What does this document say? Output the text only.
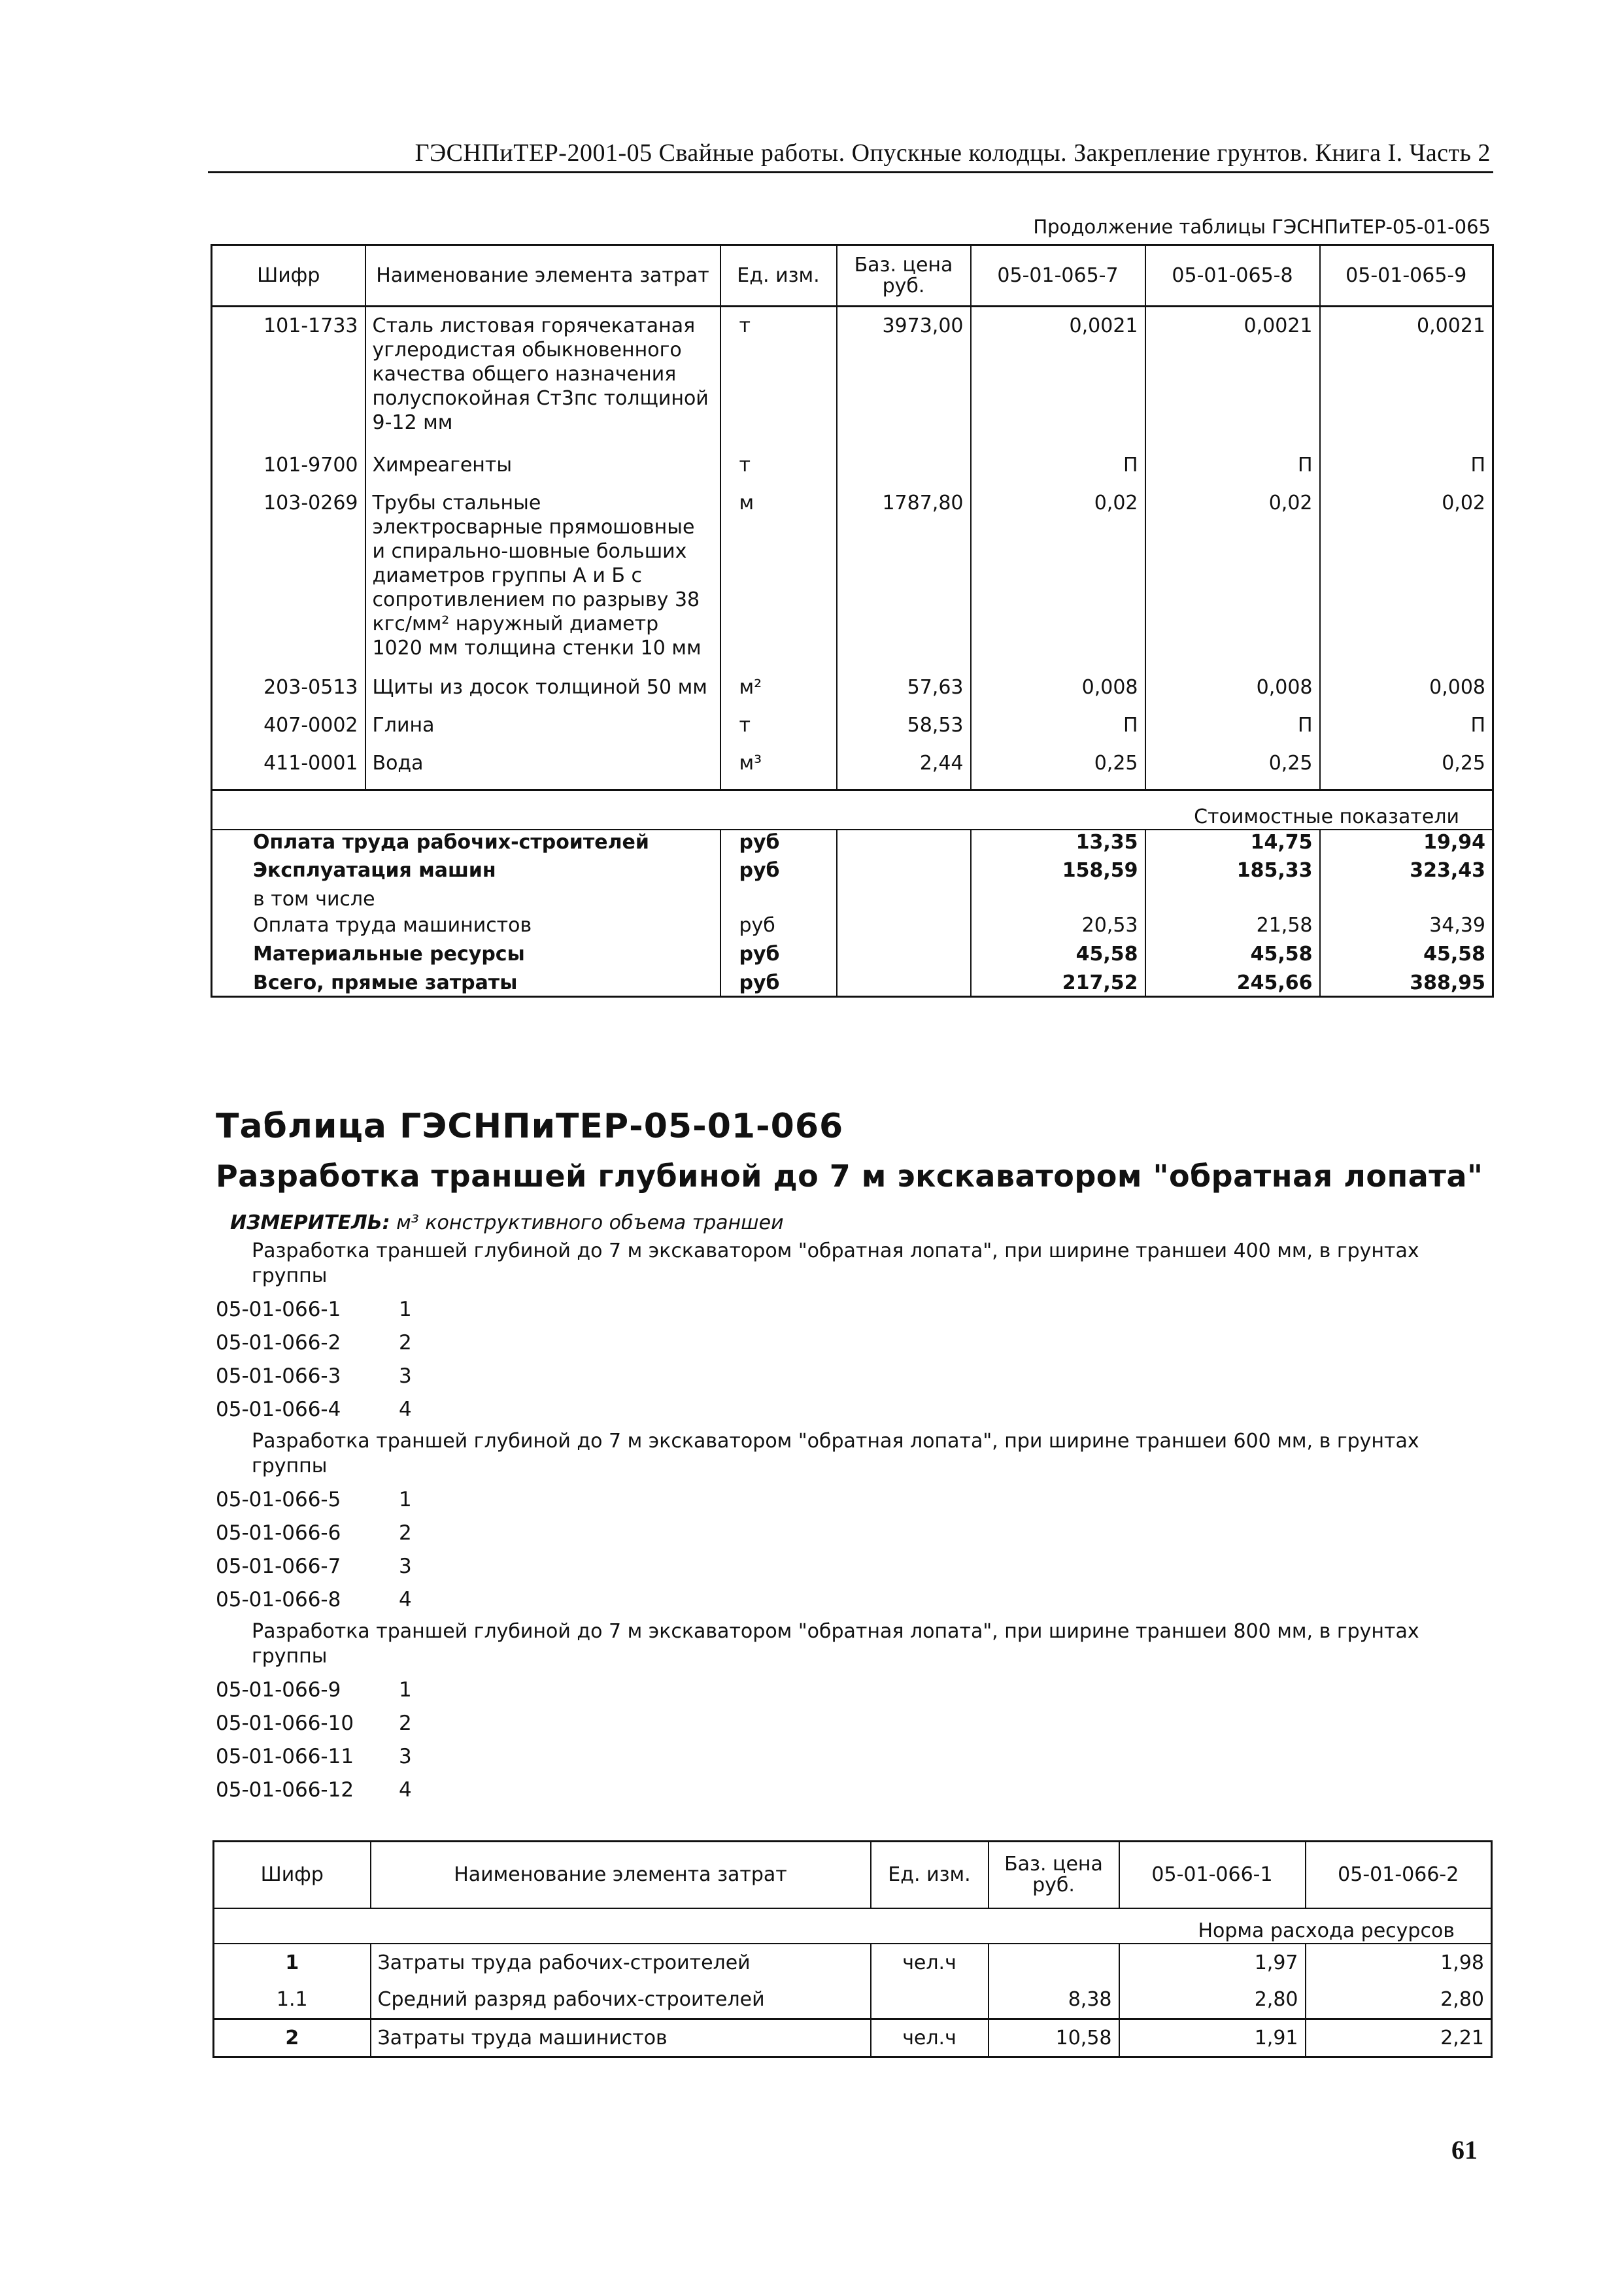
ГЭСНПиТЕР-2001-05 Свайные работы. Опускные колодцы. Закрепление грунтов. Книга I. Часть 2
Продолжение таблицы ГЭСНПиТЕР-05-01-065
Шифр	Наименование элемента затрат	Ед. изм.	Баз. цена руб.	05-01-065-7	05-01-065-8	05-01-065-9
101-1733	Сталь листовая горячекатаная углеродистая обыкновенного качества общего назначения полуспокойная Ст3пс толщиной 9-12 мм	т	3973,00	0,0021	0,0021	0,0021
101-9700	Химреагенты	т		П	П	П
103-0269	Трубы стальные электросварные прямошовные и спирально-шовные больших диаметров группы А и Б с сопротивлением по разрыву 38 кгс/мм² наружный диаметр 1020 мм толщина стенки 10 мм	м	1787,80	0,02	0,02	0,02
203-0513	Щиты из досок толщиной 50 мм	м²	57,63	0,008	0,008	0,008
407-0002	Глина	т	58,53	П	П	П
411-0001	Вода	м³	2,44	0,25	0,25	0,25
Стоимостные показатели						
Оплата труда рабочих-строителей		руб		13,35	14,75	19,94
Эксплуатация машин		руб		158,59	185,33	323,43
в том числе						
Оплата труда машинистов		руб		20,53	21,58	34,39
Материальные ресурсы		руб		45,58	45,58	45,58
Всего, прямые затраты		руб		217,52	245,66	388,95
Таблица ГЭСНПиТЕР-05-01-066
Разработка траншей глубиной до 7 м экскаватором "обратная лопата"
ИЗМЕРИТЕЛЬ: м³ конструктивного объема траншеи
Разработка траншей глубиной до 7 м экскаватором "обратная лопата", при ширине траншеи 400 мм, в грунтах
группы
05-01-066-1	1
05-01-066-2	2
05-01-066-3	3
05-01-066-4	4
Разработка траншей глубиной до 7 м экскаватором "обратная лопата", при ширине траншеи 600 мм, в грунтах
группы
05-01-066-5	1
05-01-066-6	2
05-01-066-7	3
05-01-066-8	4
Разработка траншей глубиной до 7 м экскаватором "обратная лопата", при ширине траншеи 800 мм, в грунтах
группы
05-01-066-9	1
05-01-066-10 2
05-01-066-11 3
05-01-066-12 4
Шифр	Наименование элемента затрат	Ед. изм.	Баз. цена руб.	05-01-066-1	05-01-066-2
Норма расхода ресурсов					
1	Затраты труда рабочих-строителей	чел.ч		1,97	1,98
1.1	Средний разряд рабочих-строителей		8,38	2,80	2,80
2	Затраты труда машинистов	чел.ч	10,58	1,91	2,21
61
